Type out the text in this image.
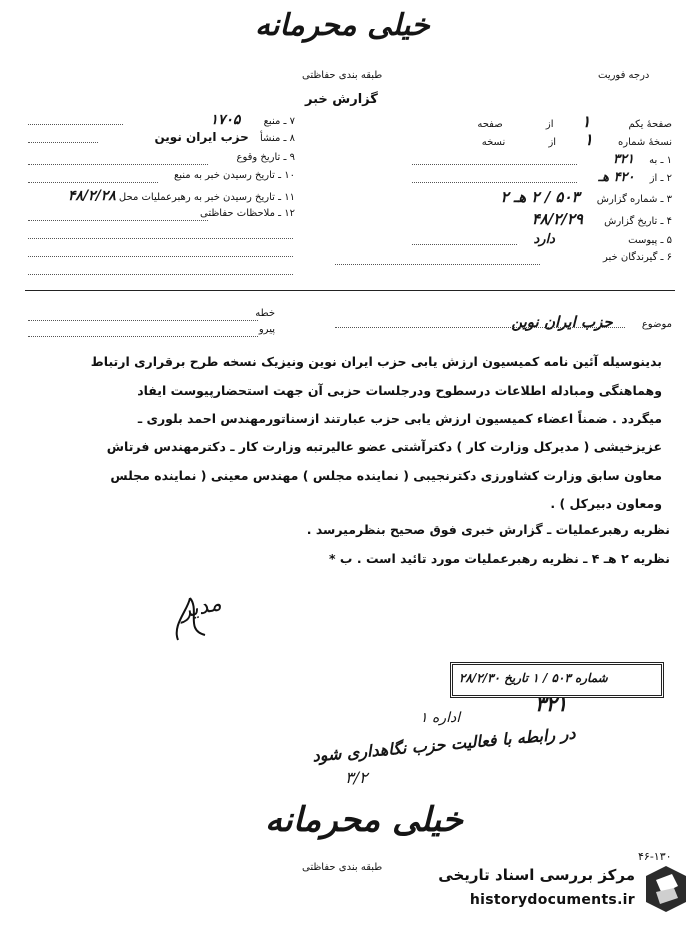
خیلی محرمانه
طبقه بندی حفاظتی	درجه فوریت
گزارش خبر
۷ ـ منبع ۱۷۰۵
۸ ـ منشأ حزب ایران نوین
۹ ـ تاریخ وقوع
۱۰ ـ تاریخ رسیدن خبر به منبع
۱۱ ـ تاریخ رسیدن خبر به رهبرعملیات محل ۴۸/۲/۲۸
۱۲ ـ ملاحظات حفاظتی
صفحهٔ یکم ۱ از صفحه
نسخهٔ شماره ۱ از نسخه
۱ ـ به ۳۲۱
۲ ـ از ۴۲۰ هـ
۳ ـ شماره گزارش ۵۰۳ / ۲ هـ ۲
۴ ـ تاریخ گزارش ۴۸/۲/۲۹
۵ ـ پیوست دارد
۶ ـ گیرندگان خبر
موضوع حزب ایران نوین
خطه
پیرو
بدینوسیله آئین نامه کمیسیون ارزش یابی حزب ایران نوین ونیزیک نسخه طرح برقراری ارتباط
وهماهنگی ومبادله اطلاعات درسطوح ودرجلسات حزبی آن جهت استحضارپیوست ایفاد
میگردد . ضمناً اعضاء کمیسیون ارزش یابی حزب عبارتند ازسناتورمهندس احمد بلوری ـ
عزیزخیشی ( مدیرکل وزارت کار ) دکترآشتی عضو عالیرتبه وزارت کار ـ دکترمهندس فرتاش
معاون سابق وزارت کشاورزی دکترنجیبی ( نماینده مجلس ) مهندس معینی ( نماینده مجلس
ومعاون دبیرکل ) .
نظریه رهبرعملیات ـ گزارش خبری فوق صحیح بنظرمیرسد .
نظریه ۲ هـ ۴ ـ نظریه رهبرعملیات مورد تائید است . ب *
مدیر
شماره ۵۰۳ / ۱ تاریخ ۲۸/۲/۳۰
۳۲۱
اداره ۱
در رابطه با فعالیت حزب نگاهداری شود
۳/۲
خیلی محرمانه
طبقه بندی حفاظتی
۴۶-۱۳۰
مرکز بررسی اسناد تاریخی
historydocuments.ir
